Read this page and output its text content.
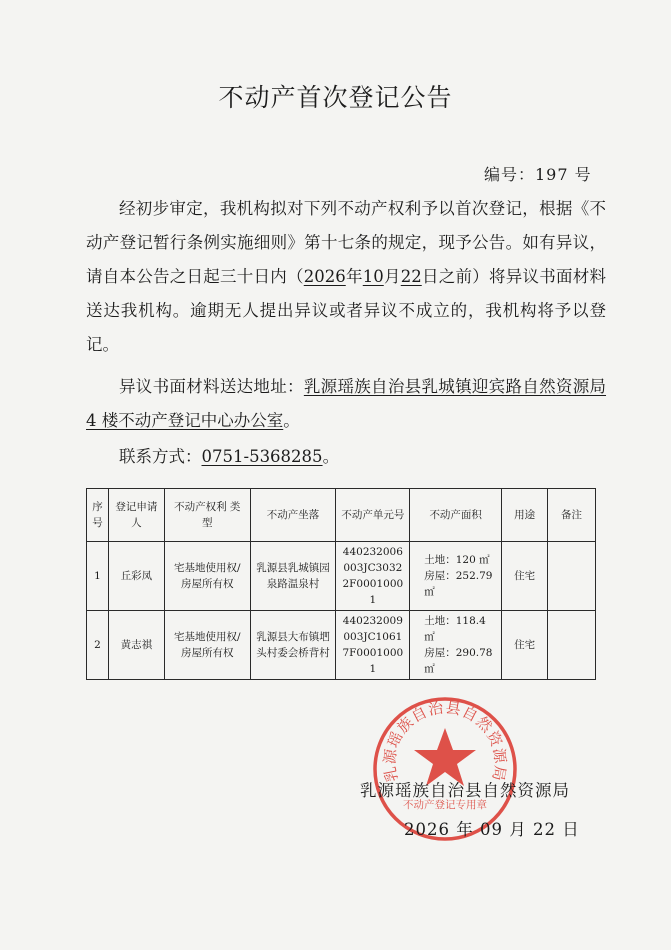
不动产首次登记公告
编号：197 号
经初步审定，我机构拟对下列不动产权利予以首次登记，根据《不动产登记暂行条例实施细则》第十七条的规定，现予公告。如有异议，请自本公告之日起三十日内（2026年10月22日之前）将异议书面材料送达我机构。逾期无人提出异议或者异议不成立的，我机构将予以登记。
异议书面材料送达地址：乳源瑶族自治县乳城镇迎宾路自然资源局 4 楼不动产登记中心办公室。
联系方式：0751-5368285。
序号	登记申请人	不动产权利 类型	不动产坐落	不动产单元号	不动产面积	用途	备注
1	丘彩凤	宅基地使用权/房屋所有权	乳源县乳城镇园泉路温泉村	440232006003JC30322F00010001	土地：120 ㎡
房屋：252.79 ㎡	住宅	
2	黄志祺	宅基地使用权/房屋所有权	乳源县大布镇垇头村委会桥背村	440232009003JC10617F00010001	土地：118.4 ㎡
房屋：290.78 ㎡	住宅	
乳源瑶族自治县自然资源局
不动产登记专用章
乳源瑶族自治县自然资源局
2026 年 09 月 22 日
